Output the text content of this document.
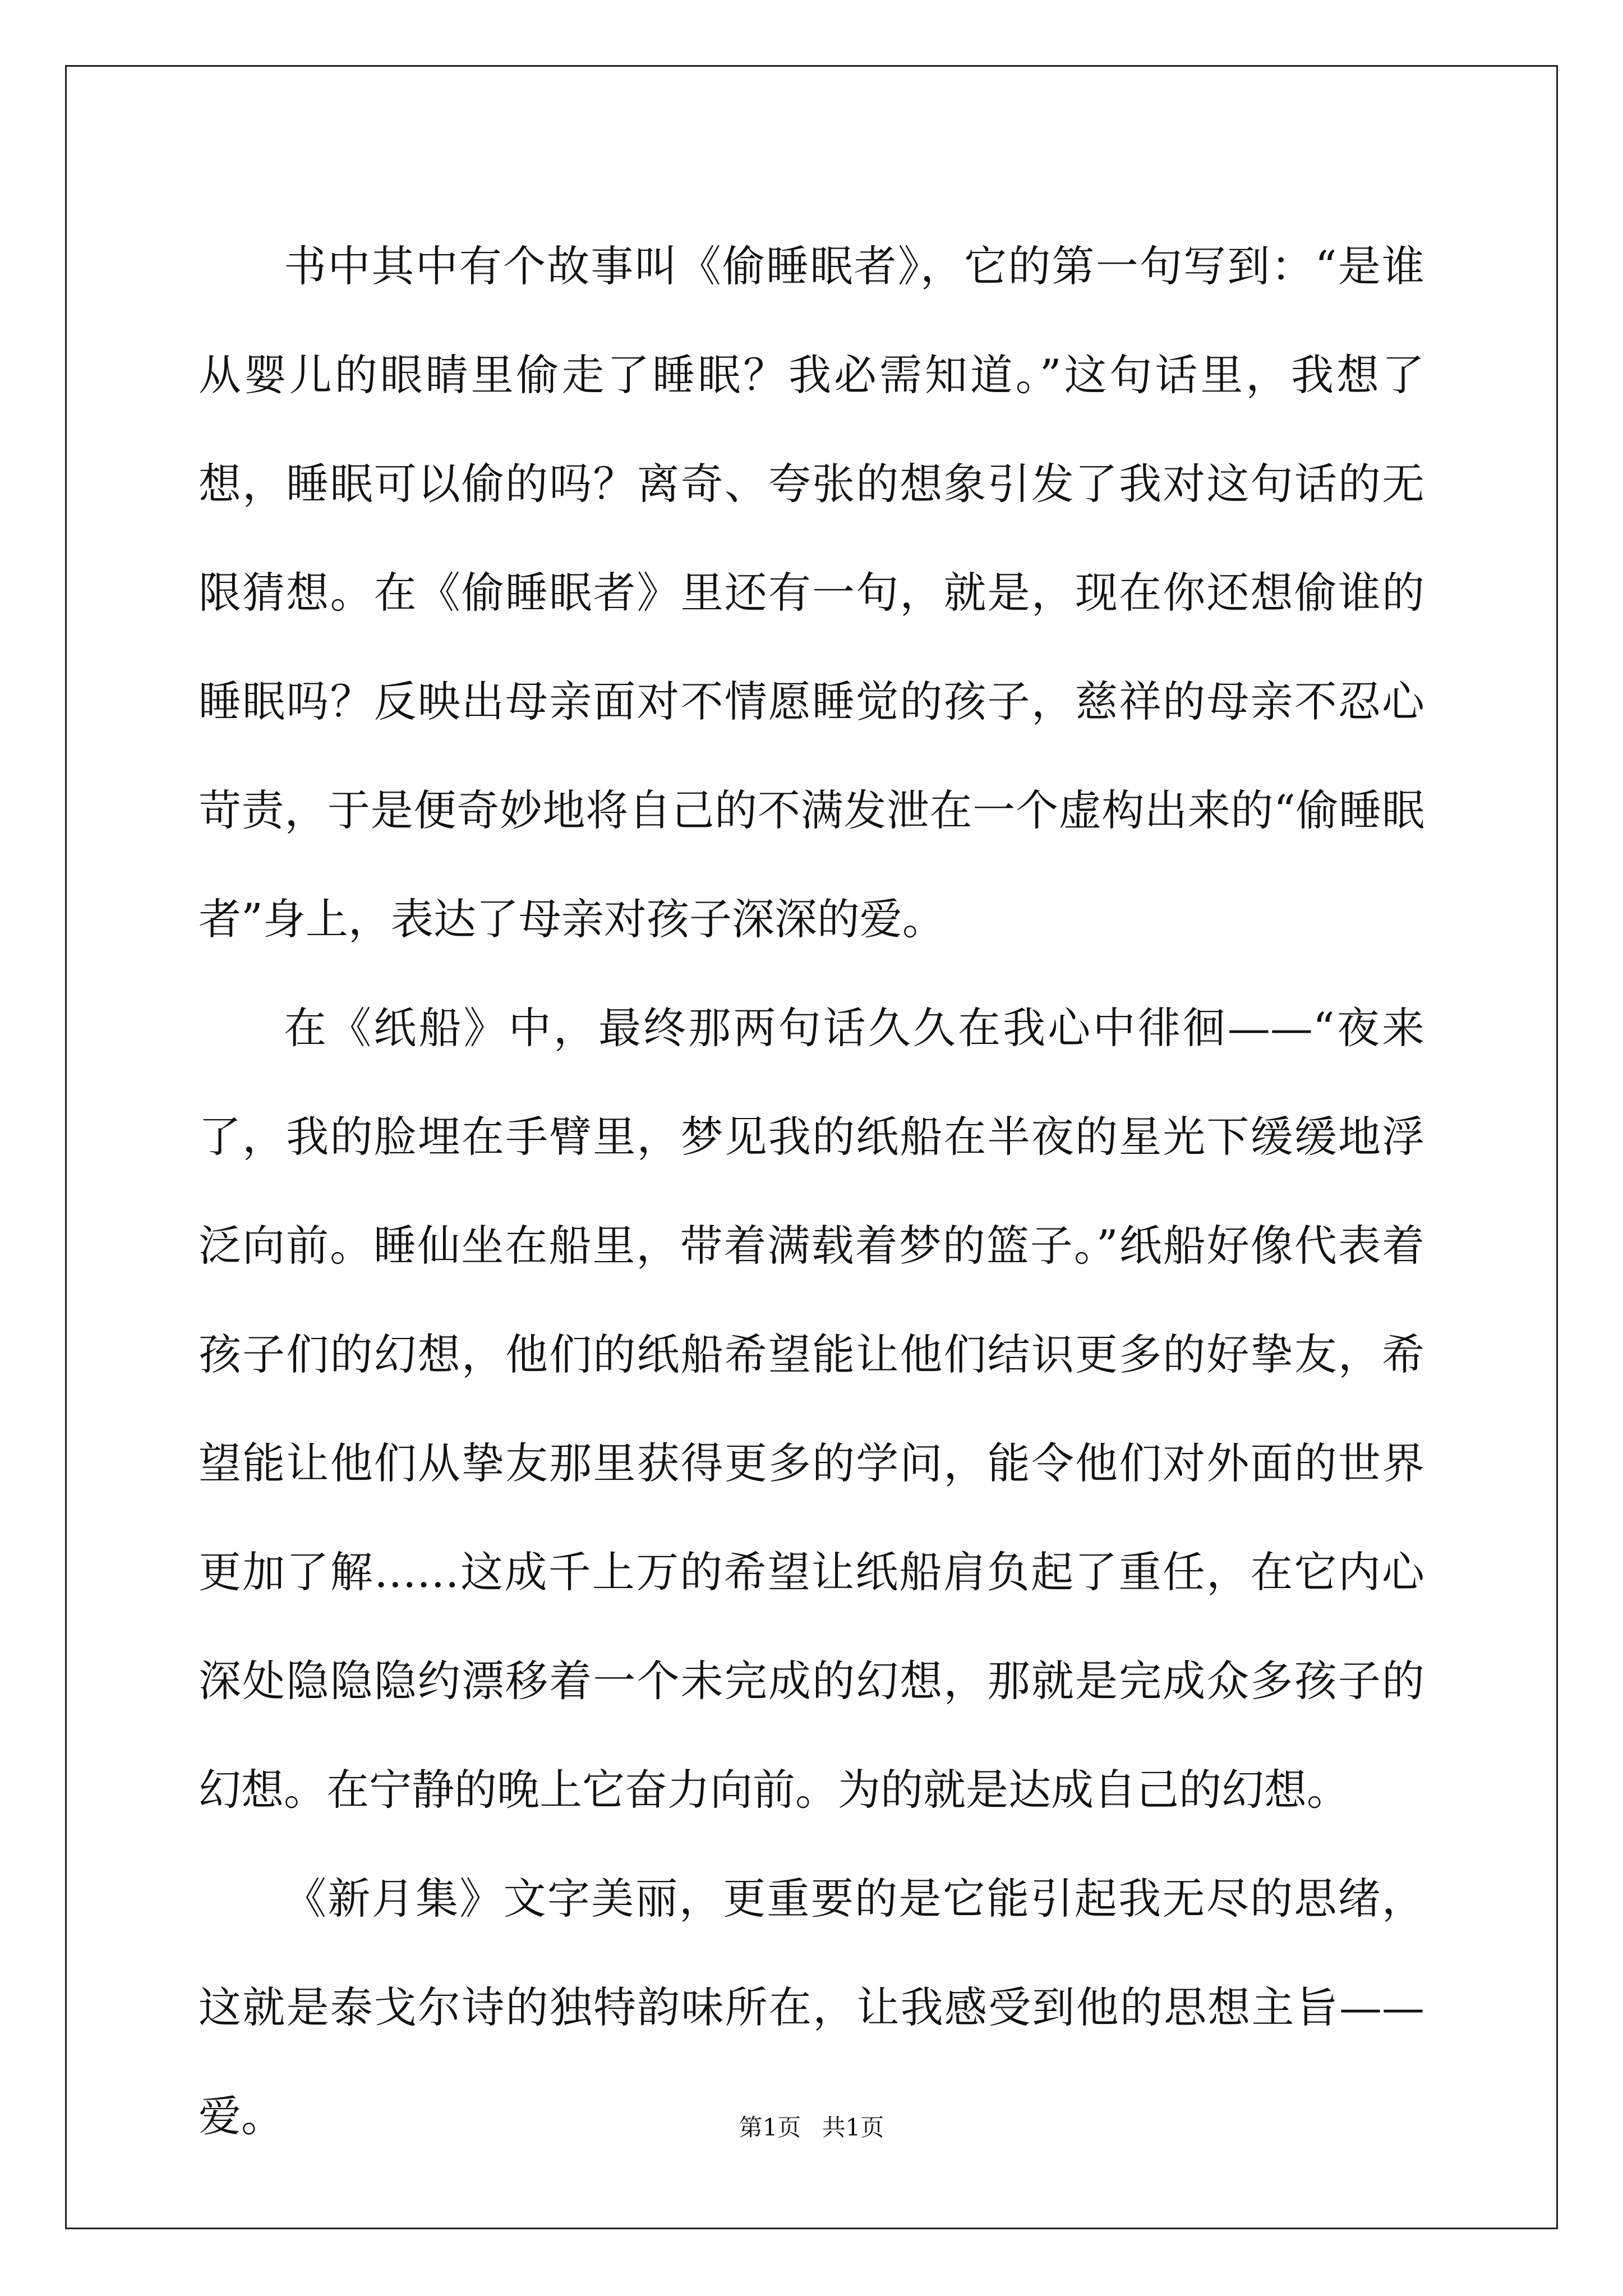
书中其中有个故事叫《偷睡眠者》，它的第一句写到：“是谁从婴儿的眼睛里偷走了睡眠？我必需知道。”这句话里，我想了想，睡眠可以偷的吗？离奇、夸张的想象引发了我对这句话的无限猜想。在《偷睡眠者》里还有一句，就是，现在你还想偷谁的睡眠吗？反映出母亲面对不情愿睡觉的孩子，慈祥的母亲不忍心苛责，于是便奇妙地将自己的不满发泄在一个虚构出来的“偷睡眠者”身上，表达了母亲对孩子深深的爱。

在《纸船》中，最终那两句话久久在我心中徘徊——“夜来了，我的脸埋在手臂里，梦见我的纸船在半夜的星光下缓缓地浮泛向前。睡仙坐在船里，带着满载着梦的篮子。”纸船好像代表着孩子们的幻想，他们的纸船希望能让他们结识更多的好挚友，希望能让他们从挚友那里获得更多的学问，能令他们对外面的世界更加了解……这成千上万的希望让纸船肩负起了重任，在它内心深处隐隐隐约漂移着一个未完成的幻想，那就是完成众多孩子的幻想。在宁静的晚上它奋力向前。为的就是达成自己的幻想。

《新月集》文字美丽，更重要的是它能引起我无尽的思绪，这就是泰戈尔诗的独特韵味所在，让我感受到他的思想主旨——爱。	第1页 共1页
